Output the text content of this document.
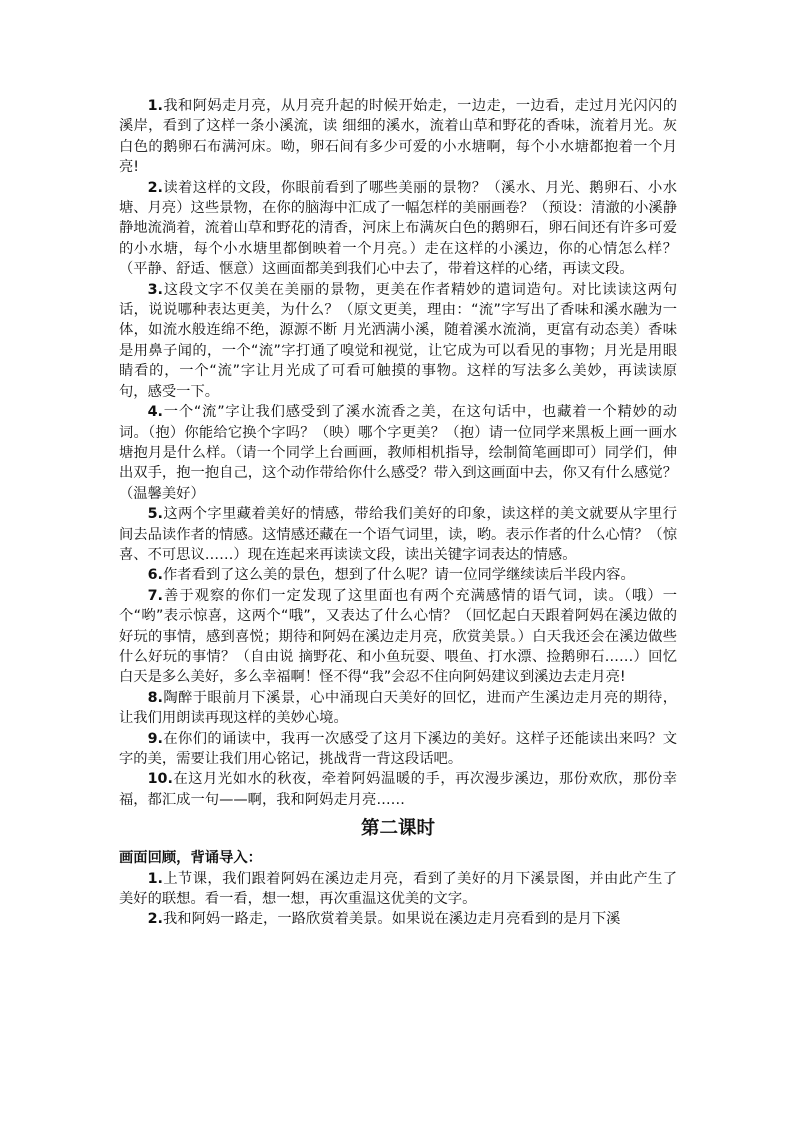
1.我和阿妈走月亮，从月亮升起的时候开始走，一边走，一边看，走过月光闪闪的溪岸，看到了这样一条小溪流，读 细细的溪水，流着山草和野花的香味，流着月光。灰白色的鹅卵石布满河床。呦，卵石间有多少可爱的小水塘啊，每个小水塘都抱着一个月亮!

2.读着这样的文段，你眼前看到了哪些美丽的景物？（溪水、月光、鹅卵石、小水塘、月亮）这些景物，在你的脑海中汇成了一幅怎样的美丽画卷？（预设：清澈的小溪静静地流淌着，流着山草和野花的清香，河床上布满灰白色的鹅卵石，卵石间还有许多可爱的小水塘，每个小水塘里都倒映着一个月亮。）走在这样的小溪边，你的心情怎么样？（平静、舒适、惬意）这画面都美到我们心中去了，带着这样的心绪，再读文段。

3.这段文字不仅美在美丽的景物，更美在作者精妙的遣词造句。对比读读这两句话，说说哪种表达更美，为什么？（原文更美，理由：“流”字写出了香味和溪水融为一体，如流水般连绵不绝，源源不断 月光洒满小溪，随着溪水流淌，更富有动态美）香味是用鼻子闻的，一个“流”字打通了嗅觉和视觉，让它成为可以看见的事物；月光是用眼睛看的，一个“流”字让月光成了可看可触摸的事物。这样的写法多么美妙，再读读原句，感受一下。

4.一个“流”字让我们感受到了溪水流香之美，在这句话中，也藏着一个精妙的动词。（抱）你能给它换个字吗？（映）哪个字更美？（抱）请一位同学来黑板上画一画水塘抱月是什么样。（请一个同学上台画画，教师相机指导，绘制简笔画即可）同学们，伸出双手，抱一抱自己，这个动作带给你什么感受？带入到这画面中去，你又有什么感觉？（温馨美好）

5.这两个字里藏着美好的情感，带给我们美好的印象，读这样的美文就要从字里行间去品读作者的情感。这情感还藏在一个语气词里，读，哟。表示作者的什么心情？（惊喜、不可思议……）现在连起来再读读文段，读出关键字词表达的情感。

6.作者看到了这么美的景色，想到了什么呢？请一位同学继续读后半段内容。

7.善于观察的你们一定发现了这里面也有两个充满感情的语气词，读。（哦）一个“哟”表示惊喜，这两个“哦”，又表达了什么心情？（回忆起白天跟着阿妈在溪边做的好玩的事情，感到喜悦；期待和阿妈在溪边走月亮，欣赏美景。）白天我还会在溪边做些什么好玩的事情？（自由说 摘野花、和小鱼玩耍、喂鱼、打水漂、捡鹅卵石……）回忆白天是多么美好，多么幸福啊！怪不得“我”会忍不住向阿妈建议到溪边去走月亮!

8.陶醉于眼前月下溪景，心中涌现白天美好的回忆，进而产生溪边走月亮的期待，让我们用朗读再现这样的美妙心境。

9.在你们的诵读中，我再一次感受了这月下溪边的美好。这样子还能读出来吗？文字的美，需要让我们用心铭记，挑战背一背这段话吧。

10.在这月光如水的秋夜，牵着阿妈温暖的手，再次漫步溪边，那份欢欣，那份幸福，都汇成一句——啊，我和阿妈走月亮……

第二课时
画面回顾，背诵导入：

1.上节课，我们跟着阿妈在溪边走月亮，看到了美好的月下溪景图，并由此产生了美好的联想。看一看，想一想，再次重温这优美的文字。

2.我和阿妈一路走，一路欣赏着美景。如果说在溪边走月亮看到的是月下溪
